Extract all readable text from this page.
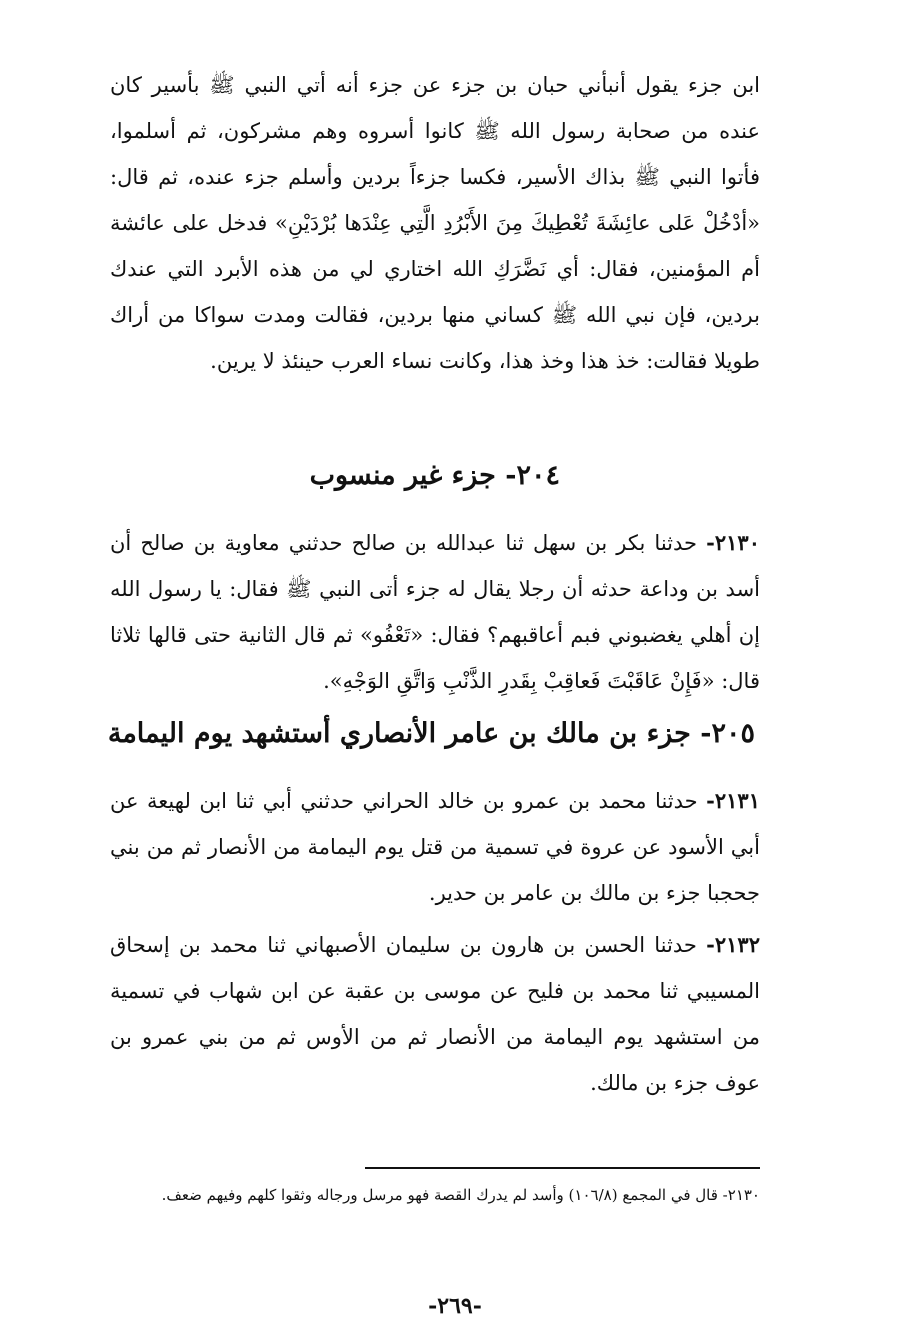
ابن جزء يقول أنبأني حبان بن جزء عن جزء أنه أتي النبي ﷺ بأسير كان عنده من صحابة رسول الله ﷺ كانوا أسروه وهم مشركون، ثم أسلموا، فأتوا النبي ﷺ بذاك الأسير، فكسا جزءاً بردين وأسلم جزء عنده، ثم قال: «أدْخُلْ عَلى عائِشَةَ تُعْطِيكَ مِنَ الأَبْرُدِ الَّتِي عِنْدَها بُرْدَيْنِ» فدخل على عائشة أم المؤمنين، فقال: أي نَضَّرَكِ الله اختاري لي من هذه الأبرد التي عندك بردين، فإن نبي الله ﷺ كساني منها بردين، فقالت ومدت سواكا من أراك طويلا فقالت: خذ هذا وخذ هذا، وكانت نساء العرب حينئذ لا يرين.

٢٠٤- جزء غير منسوب

٢١٣٠- حدثنا بكر بن سهل ثنا عبدالله بن صالح حدثني معاوية بن صالح أن أسد بن وداعة حدثه أن رجلا يقال له جزء أتى النبي ﷺ فقال: يا رسول الله إن أهلي يغضبوني فبم أعاقبهم؟ فقال: «تَعْفُو» ثم قال الثانية حتى قالها ثلاثا قال: «فَإِنْ عَاقَبْتَ فَعاقِبْ بِقَدرِ الذَّنْبِ وَاتَّقِ الوَجْهِ».

٢٠٥- جزء بن مالك بن عامر الأنصاري أستشهد يوم اليمامة

٢١٣١- حدثنا محمد بن عمرو بن خالد الحراني حدثني أبي ثنا ابن لهيعة عن أبي الأسود عن عروة في تسمية من قتل يوم اليمامة من الأنصار ثم من بني جحجبا جزء بن مالك بن عامر بن حدير.

٢١٣٢- حدثنا الحسن بن هارون بن سليمان الأصبهاني ثنا محمد بن إسحاق المسيبي ثنا محمد بن فليح عن موسى بن عقبة عن ابن شهاب في تسمية من استشهد يوم اليمامة من الأنصار ثم من الأوس ثم من بني عمرو بن عوف جزء بن مالك.

٢١٣٠- قال في المجمع (١٠٦/٨) وأسد لم يدرك القصة فهو مرسل ورجاله وثقوا كلهم وفيهم ضعف.

-٢٦٩-
